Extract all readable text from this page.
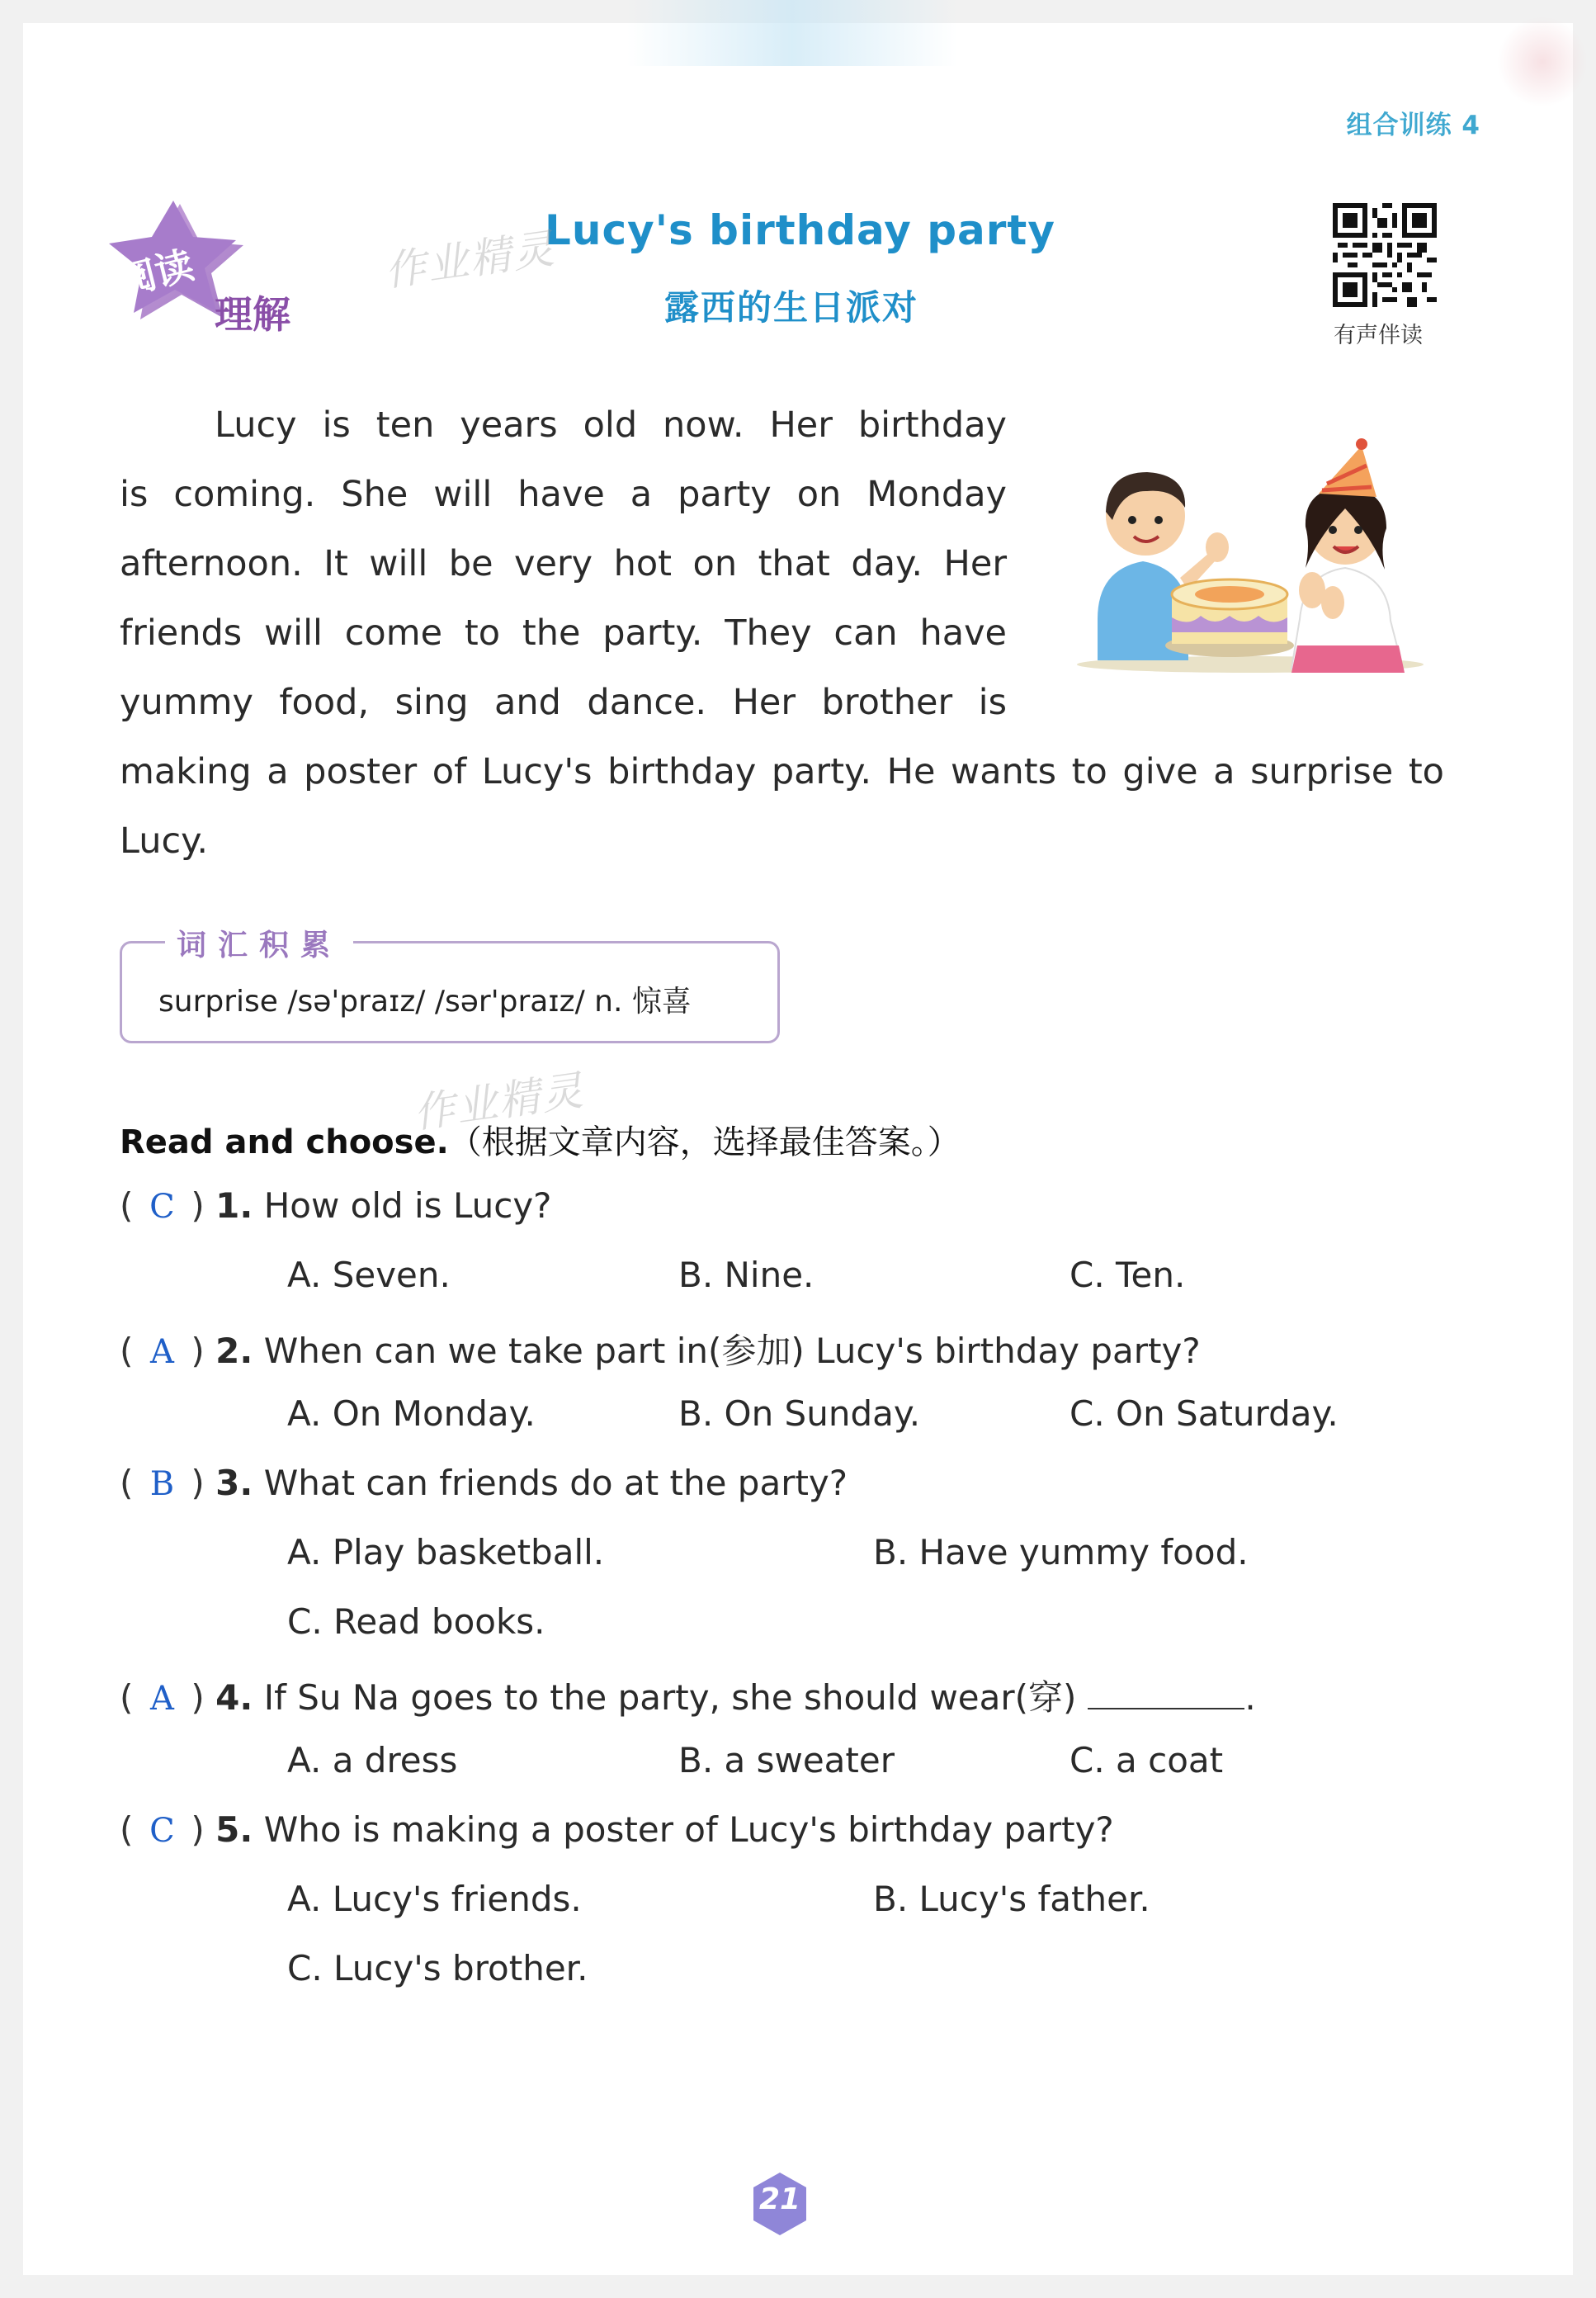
组合训练 4
阅读
理解
Lucy's birthday party
露西的生日派对
作业精灵
作业精灵
有声伴读
Lucy is ten years old now. Her birthday
is coming. She will have a party on Monday
afternoon. It will be very hot on that day. Her
friends will come to the party. They can have
yummy food, sing and dance. Her brother is
making a poster of Lucy's birthday party. He wants to give a surprise to
Lucy.
词汇积累
surprise /sə'praɪz/ /sər'praɪz/ n. 惊喜
Read and choose.（根据文章内容，选择最佳答案。）
( C ) 1. How old is Lucy?
A. Seven.	B. Nine.	C. Ten.
( A ) 2. When can we take part in(参加) Lucy's birthday party?
A. On Monday.	B. On Sunday.	C. On Saturday.
( B ) 3. What can friends do at the party?
A. Play basketball.	B. Have yummy food.
C. Read books.
( A ) 4. If Su Na goes to the party, she should wear(穿)	.
A. a dress	B. a sweater	C. a coat
( C ) 5. Who is making a poster of Lucy's birthday party?
A. Lucy's friends.	B. Lucy's father.
C. Lucy's brother.
21
